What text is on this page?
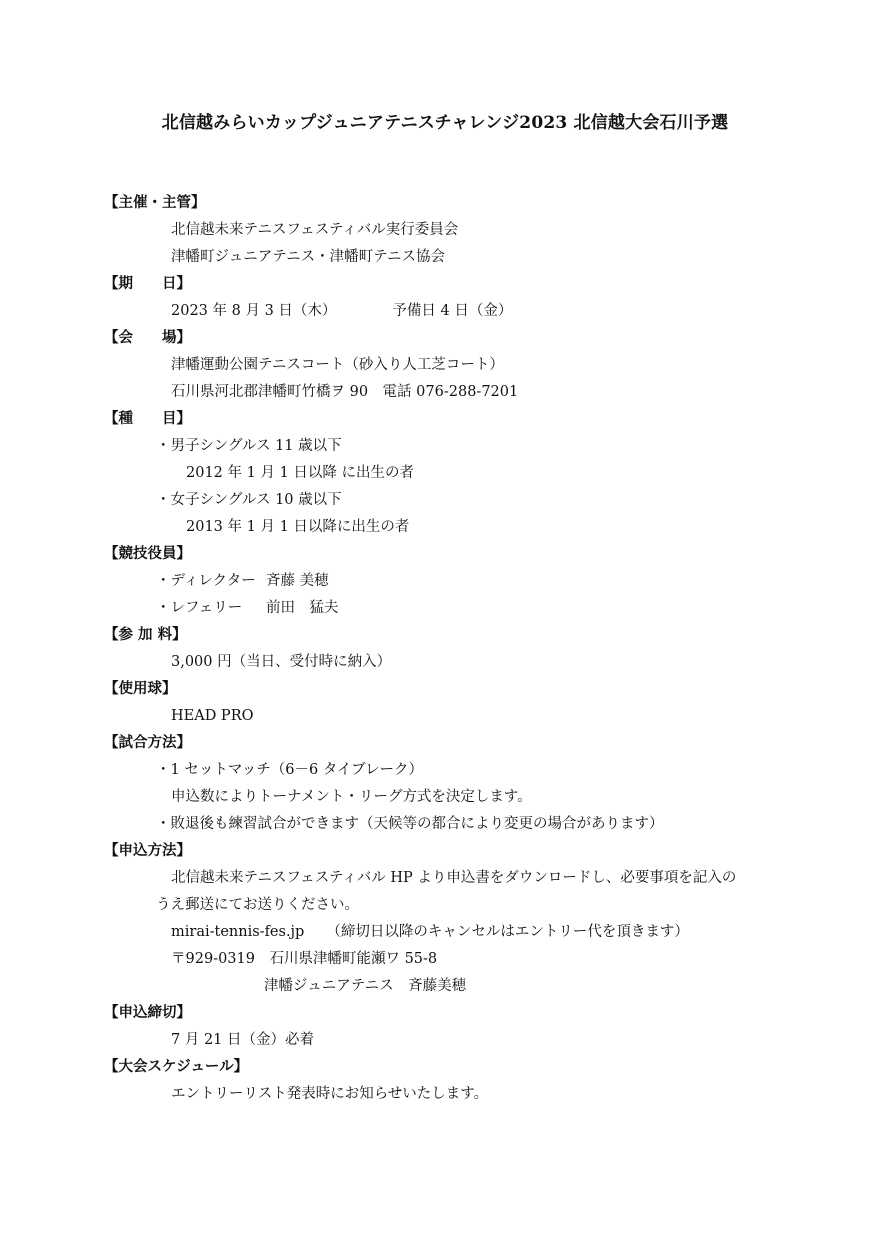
北信越みらいカップジュニアテニスチャレンジ2023 北信越大会石川予選
【主催・主管】
北信越未来テニスフェスティバル実行委員会
津幡町ジュニアテニス・津幡町テニス協会
【期　　日】
2023 年 8 月 3 日（木）	予備日 4 日（金）
【会　　場】
津幡運動公園テニスコート（砂入り人工芝コート）
石川県河北郡津幡町竹橋ヲ 90　電話 076-288-7201
【種　　目】
・男子シングルス 11 歳以下
2012 年 1 月 1 日以降 に出生の者
・女子シングルス 10 歳以下
2013 年 1 月 1 日以降に出生の者
【競技役員】
・ディレクター 斉藤 美穂
・レフェリー 前田　猛夫
【参 加 料】
3,000 円（当日、受付時に納入）
【使用球】
HEAD PRO
【試合方法】
・1 セットマッチ（6－6 タイブレーク）
申込数によりトーナメント・リーグ方式を決定します。
・敗退後も練習試合ができます（天候等の都合により変更の場合があります）
【申込方法】
北信越未来テニスフェスティバル HP より申込書をダウンロードし、必要事項を記入の
うえ郵送にてお送りください。
mirai-tennis-fes.jp （締切日以降のキャンセルはエントリー代を頂きます）
〒929-0319　石川県津幡町能瀬ワ 55-8
津幡ジュニアテニス　斉藤美穂
【申込締切】
7 月 21 日（金）必着
【大会スケジュール】
エントリーリスト発表時にお知らせいたします。
